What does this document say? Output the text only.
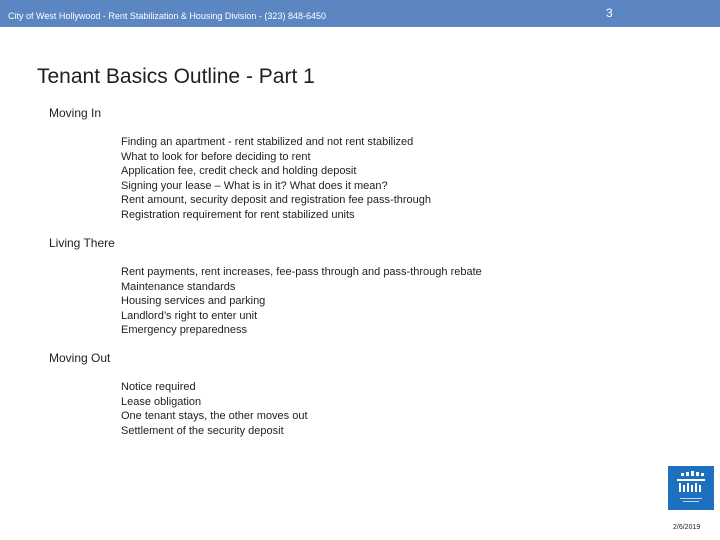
City of West Hollywood - Rent Stabilization & Housing Division - (323) 848-6450	3
Tenant Basics Outline - Part 1
Moving In
Finding an apartment - rent stabilized and not rent stabilized
What to look for before deciding to rent
Application fee, credit check and holding deposit
Signing your lease – What is in it? What does it mean?
Rent amount, security deposit and registration fee pass-through
Registration requirement for rent stabilized units
Living There
Rent payments, rent increases, fee-pass through and pass-through rebate
Maintenance standards
Housing services and parking
Landlord’s right to enter unit
Emergency preparedness
Moving Out
Notice required
Lease obligation
One tenant stays, the other moves out
Settlement of the security deposit
2/6/2019
